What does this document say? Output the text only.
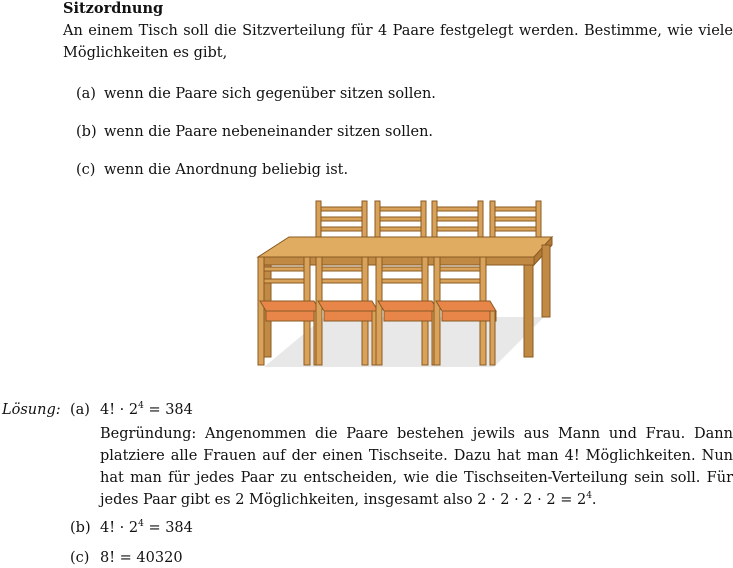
Sitzordnung
An einem Tisch soll die Sitzverteilung für 4 Paare festgelegt werden. Bestimme, wie viele Möglichkeiten es gibt,
(a) wenn die Paare sich gegenüber sitzen sollen.
(b) wenn die Paare nebeneinander sitzen sollen.
(c) wenn die Anordnung beliebig ist.
Lösung: (a) 4! · $2^4 = 384$
Begründung: Angenommen die Paare bestehen jewils aus Mann und Frau. Dann platziere alle Frauen auf der einen Tischseite. Dazu hat man 4! Möglichkeiten. Nun hat man für jedes Paar zu entscheiden, wie die Tischseiten-Verteilung sein soll. Für jedes Paar gibt es 2 Möglichkeiten, insgesamt also $2 \cdot 2 \cdot 2 \cdot 2 = 2^4$.
(b) 4! · $2^4 = 384$
(c) 8! = 40320
